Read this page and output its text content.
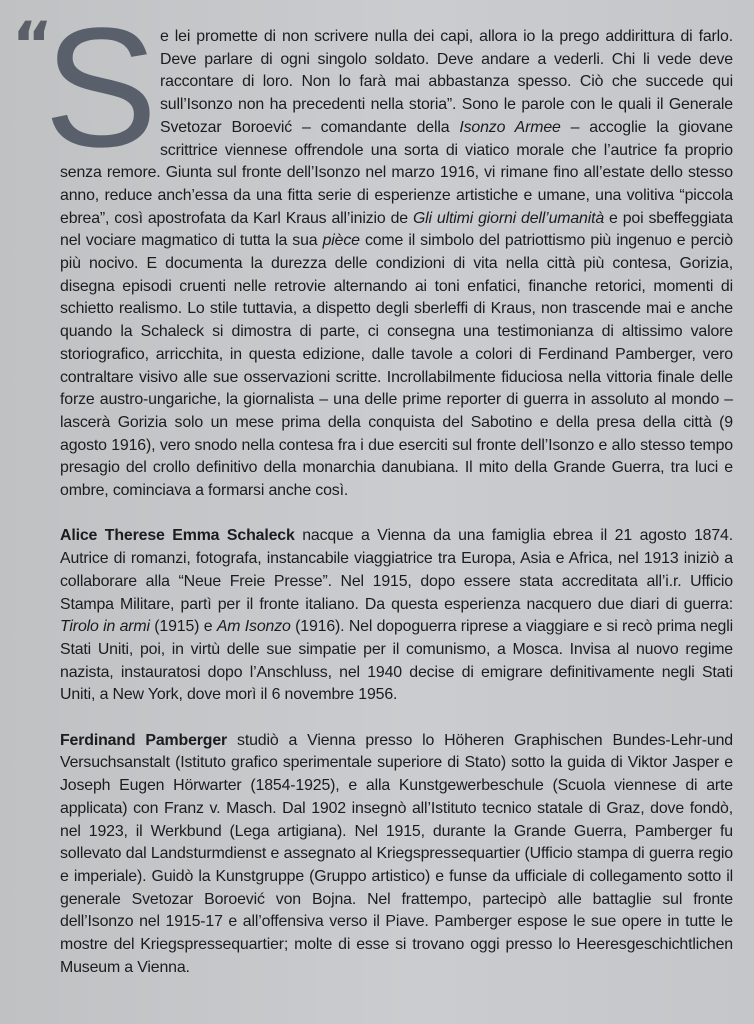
“
S e lei promette di non scrivere nulla dei capi, allora io la prego addirittura di farlo. Deve parlare di ogni singolo soldato. Deve andare a vederli. Chi li vede deve raccontare di loro. Non lo farà mai abbastanza spesso. Ciò che succede qui sull’Isonzo non ha precedenti nella storia”. Sono le parole con le quali il Generale Svetozar Boroević – comandante della Isonzo Armee – accoglie la giovane scrittrice viennese offrendole una sorta di viatico morale che l’autrice fa proprio senza remore. Giunta sul fronte dell’Isonzo nel marzo 1916, vi rimane fino all’estate dello stesso anno, reduce anch’essa da una fitta serie di esperienze artistiche e umane, una volitiva “piccola ebrea”, così apostrofata da Karl Kraus all’inizio de Gli ultimi giorni dell’umanità e poi sbeffeggiata nel vociare magmatico di tutta la sua pièce come il simbolo del patriottismo più ingenuo e perciò più nocivo. E documenta la durezza delle condizioni di vita nella città più contesa, Gorizia, disegna episodi cruenti nelle retrovie alternando ai toni enfatici, finanche retorici, momenti di schietto realismo. Lo stile tuttavia, a dispetto degli sberleffi di Kraus, non trascende mai e anche quando la Schaleck si dimostra di parte, ci consegna una testimonianza di altissimo valore storiografico, arricchita, in questa edizione, dalle tavole a colori di Ferdinand Pamberger, vero contraltare visivo alle sue osservazioni scritte. Incrollabilmente fiduciosa nella vittoria finale delle forze austro-ungariche, la giornalista – una delle prime reporter di guerra in assoluto al mondo – lascerà Gorizia solo un mese prima della conquista del Sabotino e della presa della città (9 agosto 1916), vero snodo nella contesa fra i due eserciti sul fronte dell’Isonzo e allo stesso tempo presagio del crollo definitivo della monarchia danubiana. Il mito della Grande Guerra, tra luci e ombre, cominciava a formarsi anche così.

Alice Therese Emma Schaleck nacque a Vienna da una famiglia ebrea il 21 agosto 1874. Autrice di romanzi, fotografa, instancabile viaggiatrice tra Europa, Asia e Africa, nel 1913 iniziò a collaborare alla “Neue Freie Presse”. Nel 1915, dopo essere stata accreditata all’i.r. Ufficio Stampa Militare, partì per il fronte italiano. Da questa esperienza nacquero due diari di guerra: Tirolo in armi (1915) e Am Isonzo (1916). Nel dopoguerra riprese a viaggiare e si recò prima negli Stati Uniti, poi, in virtù delle sue simpatie per il comunismo, a Mosca. Invisa al nuovo regime nazista, instauratosi dopo l’Anschluss, nel 1940 decise di emigrare definitivamente negli Stati Uniti, a New York, dove morì il 6 novembre 1956.

Ferdinand Pamberger studiò a Vienna presso lo Höheren Graphischen Bundes-Lehr-und Versuchsanstalt (Istituto grafico sperimentale superiore di Stato) sotto la guida di Viktor Jasper e Joseph Eugen Hörwarter (1854-1925), e alla Kunstgewerbeschule (Scuola viennese di arte applicata) con Franz v. Masch. Dal 1902 insegnò all’Istituto tecnico statale di Graz, dove fondò, nel 1923, il Werkbund (Lega artigiana). Nel 1915, durante la Grande Guerra, Pamberger fu sollevato dal Landsturmdienst e assegnato al Kriegspressequartier (Ufficio stampa di guerra regio e imperiale). Guidò la Kunstgruppe (Gruppo artistico) e funse da ufficiale di collegamento sotto il generale Svetozar Boroević von Bojna. Nel frattempo, partecipò alle battaglie sul fronte dell’Isonzo nel 1915-17 e all’offensiva verso il Piave. Pamberger espose le sue opere in tutte le mostre del Kriegspressequartier; molte di esse si trovano oggi presso lo Heeresgeschichtlichen Museum a Vienna.
